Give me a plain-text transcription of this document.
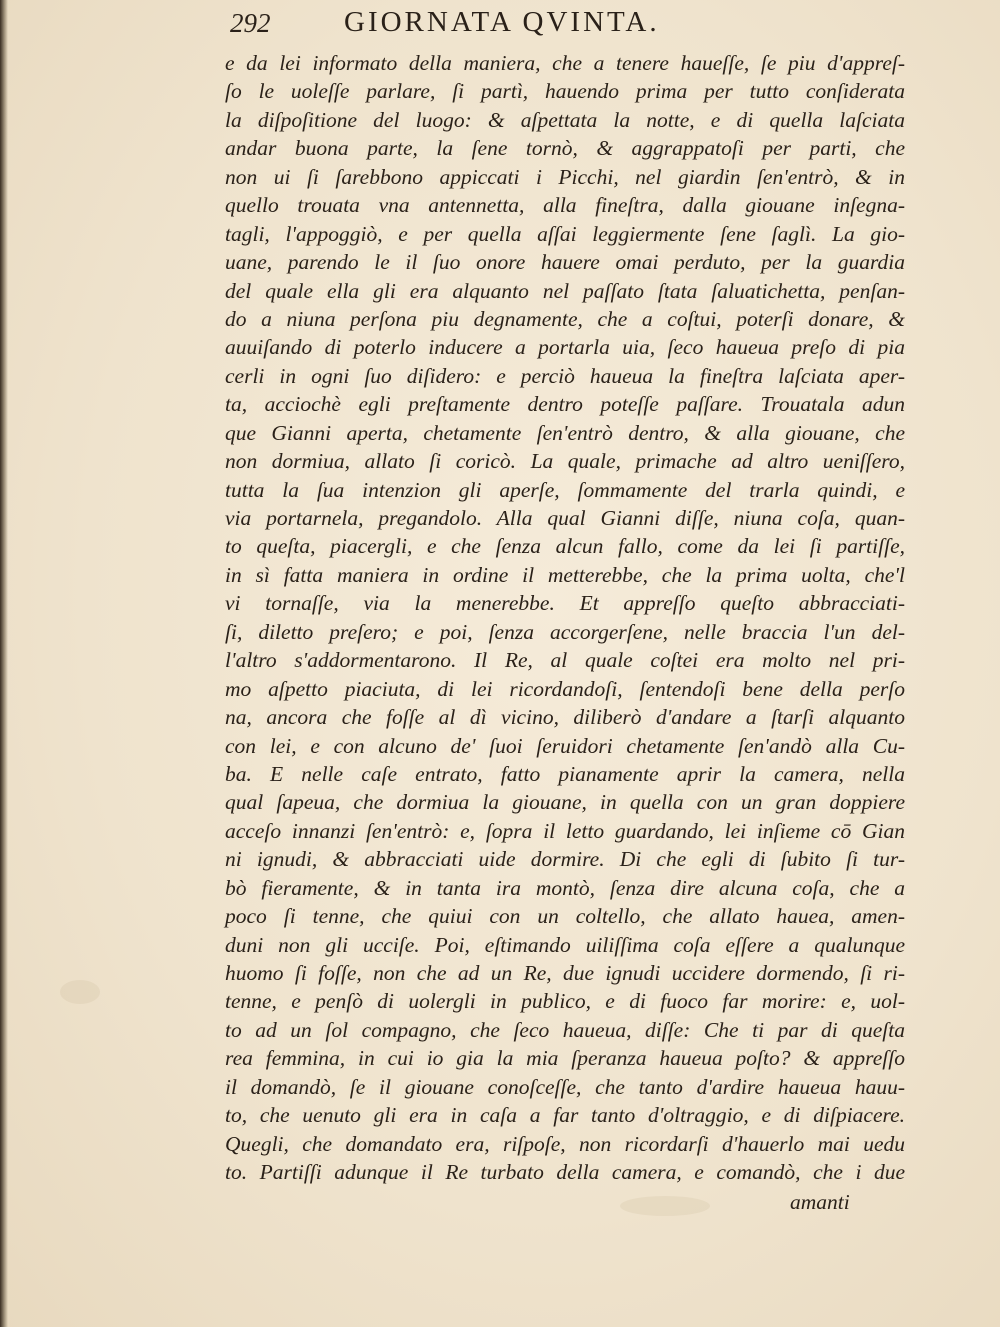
292	GIORNATA QVINTA.
e da lei informato della maniera, che a tenere haueſſe, ſe piu d'appreſ-
ſo le uoleſſe parlare, ſi partì, hauendo prima per tutto conſiderata
la diſpoſitione del luogo: & aſpettata la notte, e di quella laſciata
andar buona parte, la ſene tornò, & aggrappatoſi per parti, che
non ui ſi ſarebbono appiccati i Picchi, nel giardin ſen'entrò, & in
quello trouata vna antennetta, alla fineſtra, dalla giouane inſegna-
tagli, l'appoggiò, e per quella aſſai leggiermente ſene ſaglì. La gio-
uane, parendo le il ſuo onore hauere omai perduto, per la guardia
del quale ella gli era alquanto nel paſſato ſtata ſaluatichetta, penſan-
do a niuna perſona piu degnamente, che a coſtui, poterſi donare, &
auuiſando di poterlo inducere a portarla uia, ſeco haueua preſo di pia
cerli in ogni ſuo diſidero: e perciò haueua la fineſtra laſciata aper-
ta, acciochè egli preſtamente dentro poteſſe paſſare. Trouatala adun
que Gianni aperta, chetamente ſen'entrò dentro, & alla giouane, che
non dormiua, allato ſi coricò. La quale, primache ad altro ueniſſero,
tutta la ſua intenzion gli aperſe, ſommamente del trarla quindi, e
via portarnela, pregandolo. Alla qual Gianni diſſe, niuna coſa, quan-
to queſta, piacergli, e che ſenza alcun fallo, come da lei ſi partiſſe,
in sì fatta maniera in ordine il metterebbe, che la prima uolta, che'l
vi tornaſſe, via la menerebbe. Et appreſſo queſto abbracciati-
ſi, diletto preſero; e poi, ſenza accorgerſene, nelle braccia l'un del-
l'altro s'addormentarono. Il Re, al quale coſtei era molto nel pri-
mo aſpetto piaciuta, di lei ricordandoſi, ſentendoſi bene della perſo
na, ancora che foſſe al dì vicino, diliberò d'andare a ſtarſi alquanto
con lei, e con alcuno de' ſuoi ſeruidori chetamente ſen'andò alla Cu-
ba. E nelle caſe entrato, fatto pianamente aprir la camera, nella
qual ſapeua, che dormiua la giouane, in quella con un gran doppiere
acceſo innanzi ſen'entrò: e, ſopra il letto guardando, lei inſieme cō Gian
ni ignudi, & abbracciati uide dormire. Di che egli di ſubito ſi tur-
bò fieramente, & in tanta ira montò, ſenza dire alcuna coſa, che a
poco ſi tenne, che quiui con un coltello, che allato haueа, amen-
duni non gli ucciſe. Poi, eſtimando uiliſſima coſa eſſere a qualunque
huomo ſi foſſe, non che ad un Re, due ignudi uccidere dormendo, ſi ri-
tenne, e penſò di uolergli in publico, e di fuoco far morire: e, uol-
to ad un ſol compagno, che ſeco haueua, diſſe: Che ti par di queſta
rea femmina, in cui io gia la mia ſperanza haueua poſto? & appreſſo
il domandò, ſe il giouane conoſceſſe, che tanto d'ardire haueua hauu-
to, che uenuto gli era in caſa a far tanto d'oltraggio, e di diſpiacere.
Quegli, che domandato era, riſpoſe, non ricordarſi d'hauerlo mai uedu
to. Partiſſi adunque il Re turbato della camera, e comandò, che i due
amanti
